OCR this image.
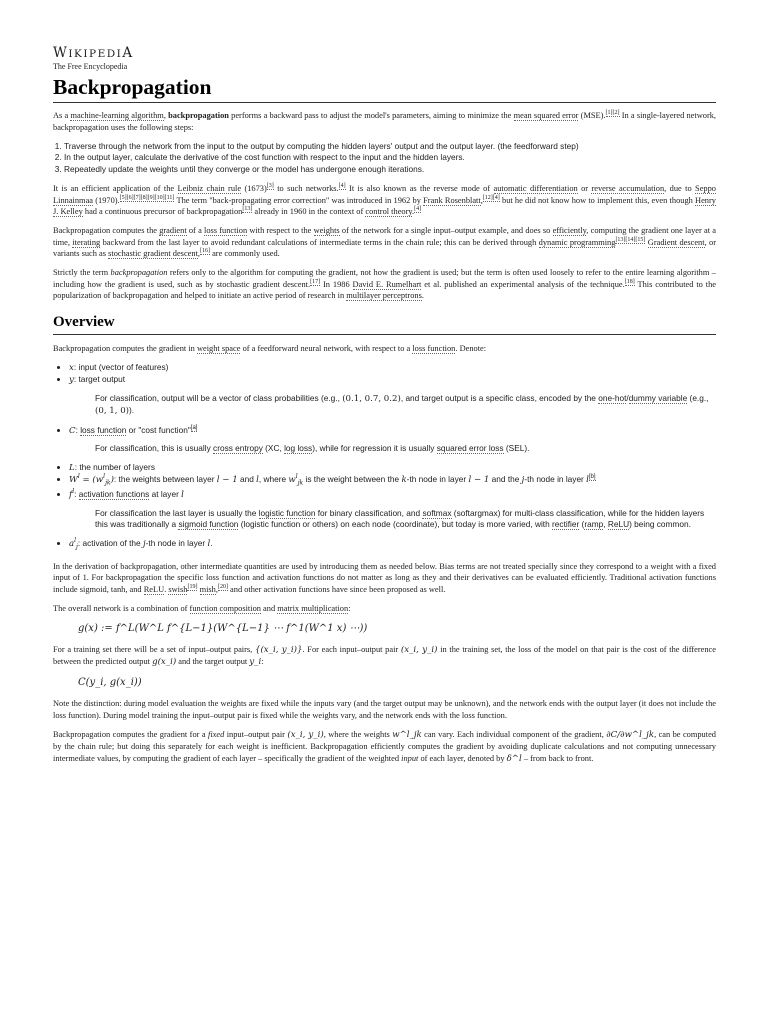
WIKIPEDIA
The Free Encyclopedia
Backpropagation

As a machine-learning algorithm, backpropagation performs a backward pass to adjust the model's parameters, aiming to minimize the mean squared error (MSE).[1][2] In a single-layered network, backpropagation uses the following steps:

1. Traverse through the network from the input to the output by computing the hidden layers' output and the output layer. (the feedforward step)
2. In the output layer, calculate the derivative of the cost function with respect to the input and the hidden layers.
3. Repeatedly update the weights until they converge or the model has undergone enough iterations.

It is an efficient application of the Leibniz chain rule (1673)[3] to such networks.[4] It is also known as the reverse mode of automatic differentiation or reverse accumulation, due to Seppo Linnainmaa (1970).[5][6][7][8][9][10][11] The term "back-propagating error correction" was introduced in 1962 by Frank Rosenblatt,[12][4] but he did not know how to implement this, even though Henry J. Kelley had a continuous precursor of backpropagation[13] already in 1960 in the context of control theory.[4]

Backpropagation computes the gradient of a loss function with respect to the weights of the network for a single input–output example, and does so efficiently, computing the gradient one layer at a time, iterating backward from the last layer to avoid redundant calculations of intermediate terms in the chain rule; this can be derived through dynamic programming[13][14][15] Gradient descent, or variants such as stochastic gradient descent,[16] are commonly used.

Strictly the term backpropagation refers only to the algorithm for computing the gradient, not how the gradient is used; but the term is often used loosely to refer to the entire learning algorithm – including how the gradient is used, such as by stochastic gradient descent.[17] In 1986 David E. Rumelhart et al. published an experimental analysis of the technique.[18] This contributed to the popularization of backpropagation and helped to initiate an active period of research in multilayer perceptrons.

Overview

Backpropagation computes the gradient in weight space of a feedforward neural network, with respect to a loss function. Denote:

• x: input (vector of features)
• y: target output
For classification, output will be a vector of class probabilities (e.g., (0.1, 0.7, 0.2), and target output is a specific class, encoded by the one-hot/dummy variable (e.g., (0, 1, 0)).
• C: loss function or "cost function"[a]
For classification, this is usually cross entropy (XC, log loss), while for regression it is usually squared error loss (SEL).
• L: the number of layers
• $W^l = (w^l_{jk})$: the weights between layer l − 1 and l, where $w^l_{jk}$ is the weight between the k-th node in layer l − 1 and the j-th node in layer l[b]
• $f^l$: activation functions at layer l
For classification the last layer is usually the logistic function for binary classification, and softmax (softargmax) for multi-class classification, while for the hidden layers this was traditionally a sigmoid function (logistic function or others) on each node (coordinate), but today is more varied, with rectifier (ramp, ReLU) being common.
• $a^l_j$: activation of the j-th node in layer l.

In the derivation of backpropagation, other intermediate quantities are used by introducing them as needed below. Bias terms are not treated specially since they correspond to a weight with a fixed input of 1. For backpropagation the specific loss function and activation functions do not matter as long as they and their derivatives can be evaluated efficiently. Traditional activation functions include sigmoid, tanh, and ReLU. swish[19] mish,[20] and other activation functions have since been proposed as well.

The overall network is a combination of function composition and matrix multiplication:

g(x) := f^L(W^L f^{L−1}(W^{L−1} ⋯ f^1(W^1 x) ⋯))

For a training set there will be a set of input–output pairs, {(x_i, y_i)}. For each input–output pair (x_i, y_i) in the training set, the loss of the model on that pair is the cost of the difference between the predicted output g(x_i) and the target output y_i:

C(y_i, g(x_i))

Note the distinction: during model evaluation the weights are fixed while the inputs vary (and the target output may be unknown), and the network ends with the output layer (it does not include the loss function). During model training the input–output pair is fixed while the weights vary, and the network ends with the loss function.

Backpropagation computes the gradient for a fixed input–output pair (x_i, y_i), where the weights w^l_jk can vary. Each individual component of the gradient, ∂C/∂w^l_jk, can be computed by the chain rule; but doing this separately for each weight is inefficient. Backpropagation efficiently computes the gradient by avoiding duplicate calculations and not computing unnecessary intermediate values, by computing the gradient of each layer – specifically the gradient of the weighted input of each layer, denoted by δ^l – from back to front.
